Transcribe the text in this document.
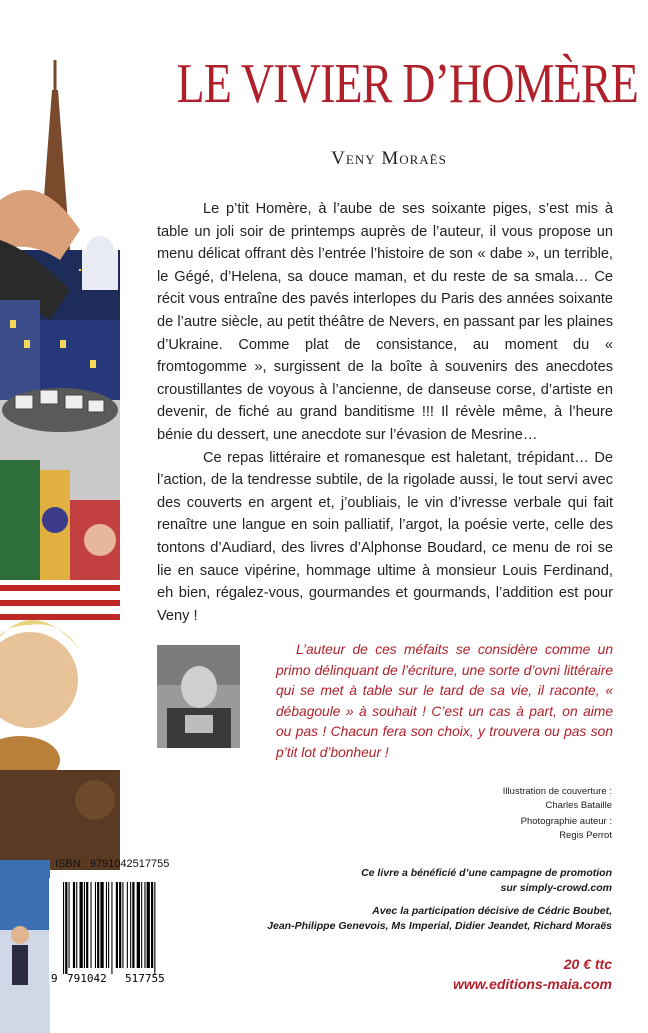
LE VIVIER D’HOMÈRE
Veny Moraës

Le p’tit Homère, à l’aube de ses soixante piges, s’est mis à table un joli soir de printemps auprès de l’auteur, il vous propose un menu délicat offrant dès l’entrée l’histoire de son « dabe », un terrible, le Gégé, d’Helena, sa douce maman, et du reste de sa smala… Ce récit vous entraîne des pavés interlopes du Paris des années soixante de l’autre siècle, au petit théâtre de Nevers, en passant par les plaines d’Ukraine. Comme plat de consistance, au moment du « fromtogomme », surgissent de la boîte à souvenirs des anecdotes croustillantes de voyous à l’ancienne, de danseuse corse, d’artiste en devenir, de fiché au grand banditisme !!! Il révèle même, à l’heure bénie du dessert, une anecdote sur l’évasion de Mesrine…

Ce repas littéraire et romanesque est haletant, trépidant… De l’action, de la tendresse subtile, de la rigolade aussi, le tout servi avec des couverts en argent et, j’oubliais, le vin d’ivresse verbale qui fait renaître une langue en soin palliatif, l’argot, la poésie verte, celle des tontons d’Audiard, des livres d’Alphonse Boudard, ce menu de roi se lie en sauce vipérine, hommage ultime à monsieur Louis Ferdinand, eh bien, régalez-vous, gourmandes et gourmands, l’addition est pour Veny !

L’auteur de ces méfaits se considère comme un primo délinquant de l’écriture, une sorte d’ovni littéraire qui se met à table sur le tard de sa vie, il raconte, « débagoule » à souhait ! C’est un cas à part, on aime ou pas ! Chacun fera son choix, y trouvera ou pas son p’tit lot d’bonheur !
Illustration de couverture :
Charles Bataille
Photographie auteur :
Regis Perrot
ISBN : 9791042517755
9 791042 517755
Ce livre a bénéficié d’une campagne de promotion
sur simply-crowd.com
Avec la participation décisive de Cédric Boubet,
Jean-Philippe Genevois, Ms Imperial, Didier Jeandet, Richard Moraës
20 € ttc
www.editions-maia.com
